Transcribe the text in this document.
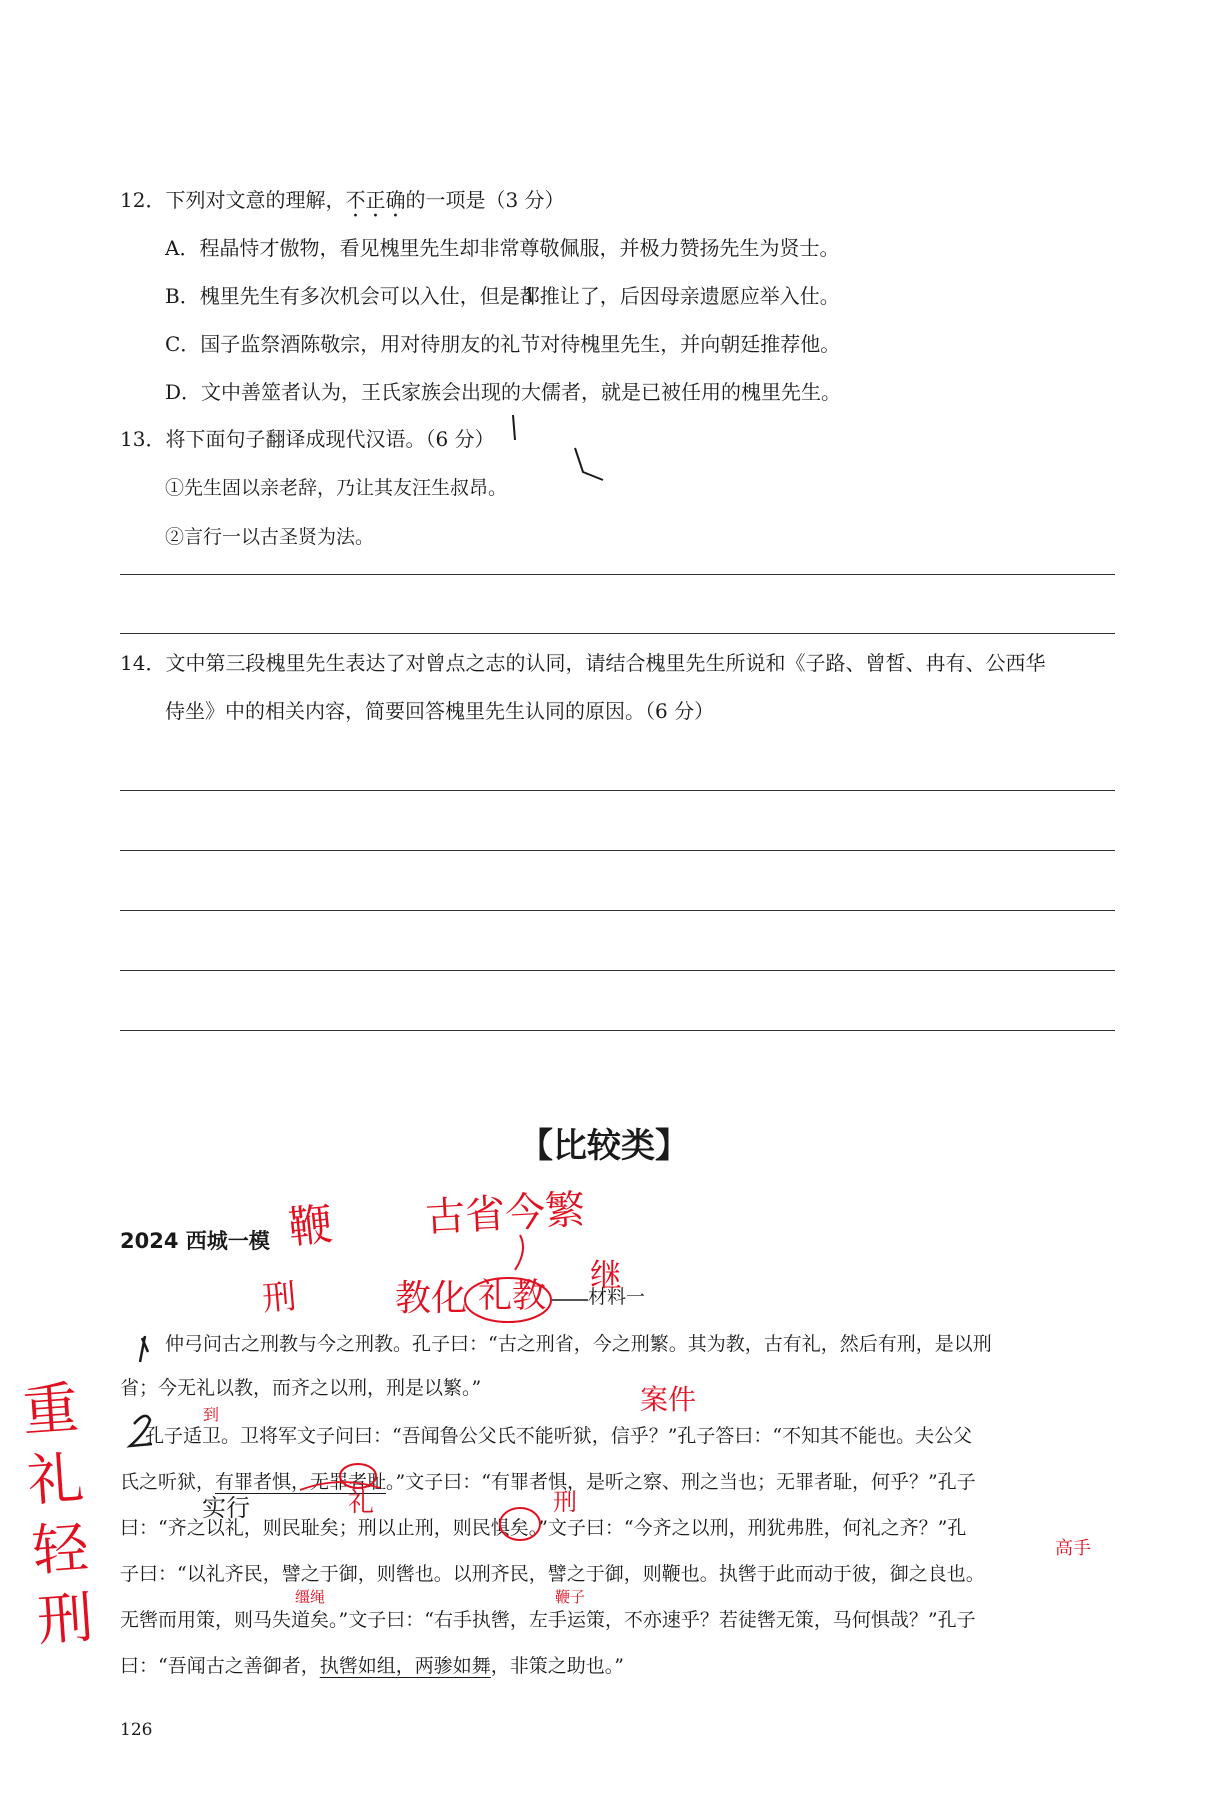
12．下列对文意的理解，不正确的一项是（3 分）
A．程晶恃才傲物，看见槐里先生却非常尊敬佩服，并极力赞扬先生为贤士。
B．槐里先生有多次机会可以入仕，但是都推让了，后因母亲遗愿应举入仕。
C．国子监祭酒陈敬宗，用对待朋友的礼节对待槐里先生，并向朝廷推荐他。
D．文中善筮者认为，王氏家族会出现的大儒者，就是已被任用的槐里先生。
13．将下面句子翻译成现代汉语。（6 分）
①先生固以亲老辞，乃让其友汪生叔昂。
②言行一以古圣贤为法。
14．文中第三段槐里先生表达了对曾点之志的认同，请结合槐里先生所说和《子路、曾皙、冉有、公西华
侍坐》中的相关内容，简要回答槐里先生认同的原因。（6 分）
【比较类】
2024 西城一模
材料一
仲弓问古之刑教与今之刑教。孔子曰：“古之刑省，今之刑繁。其为教，古有礼，然后有刑，是以刑
省；今无礼以教，而齐之以刑，刑是以繁。”
孔子适卫。卫将军文子问曰：“吾闻鲁公父氏不能听狱，信乎？”孔子答曰：“不知其不能也。夫公父
氏之听狱，有罪者惧，无罪者耻。”文子曰：“有罪者惧，是听之察、刑之当也；无罪者耻，何乎？”孔子
曰：“齐之以礼，则民耻矣；刑以止刑，则民惧矣。”文子曰：“今齐之以刑，刑犹弗胜，何礼之齐？”孔
子曰：“以礼齐民，譬之于御，则辔也。以刑齐民，譬之于御，则鞭也。执辔于此而动于彼，御之良也。
无辔而用策，则马失道矣。”文子曰：“右手执辔，左手运策，不亦速乎？若徒辔无策，马何惧哉？”孔子
曰：“吾闻古之善御者，执辔如组，两骖如舞，非策之助也。”
126
重礼轻刑
鞭 古省今繁
刑	教化 礼教
继
案件
到
实行	礼	刑
缰绳	鞭子
高手
